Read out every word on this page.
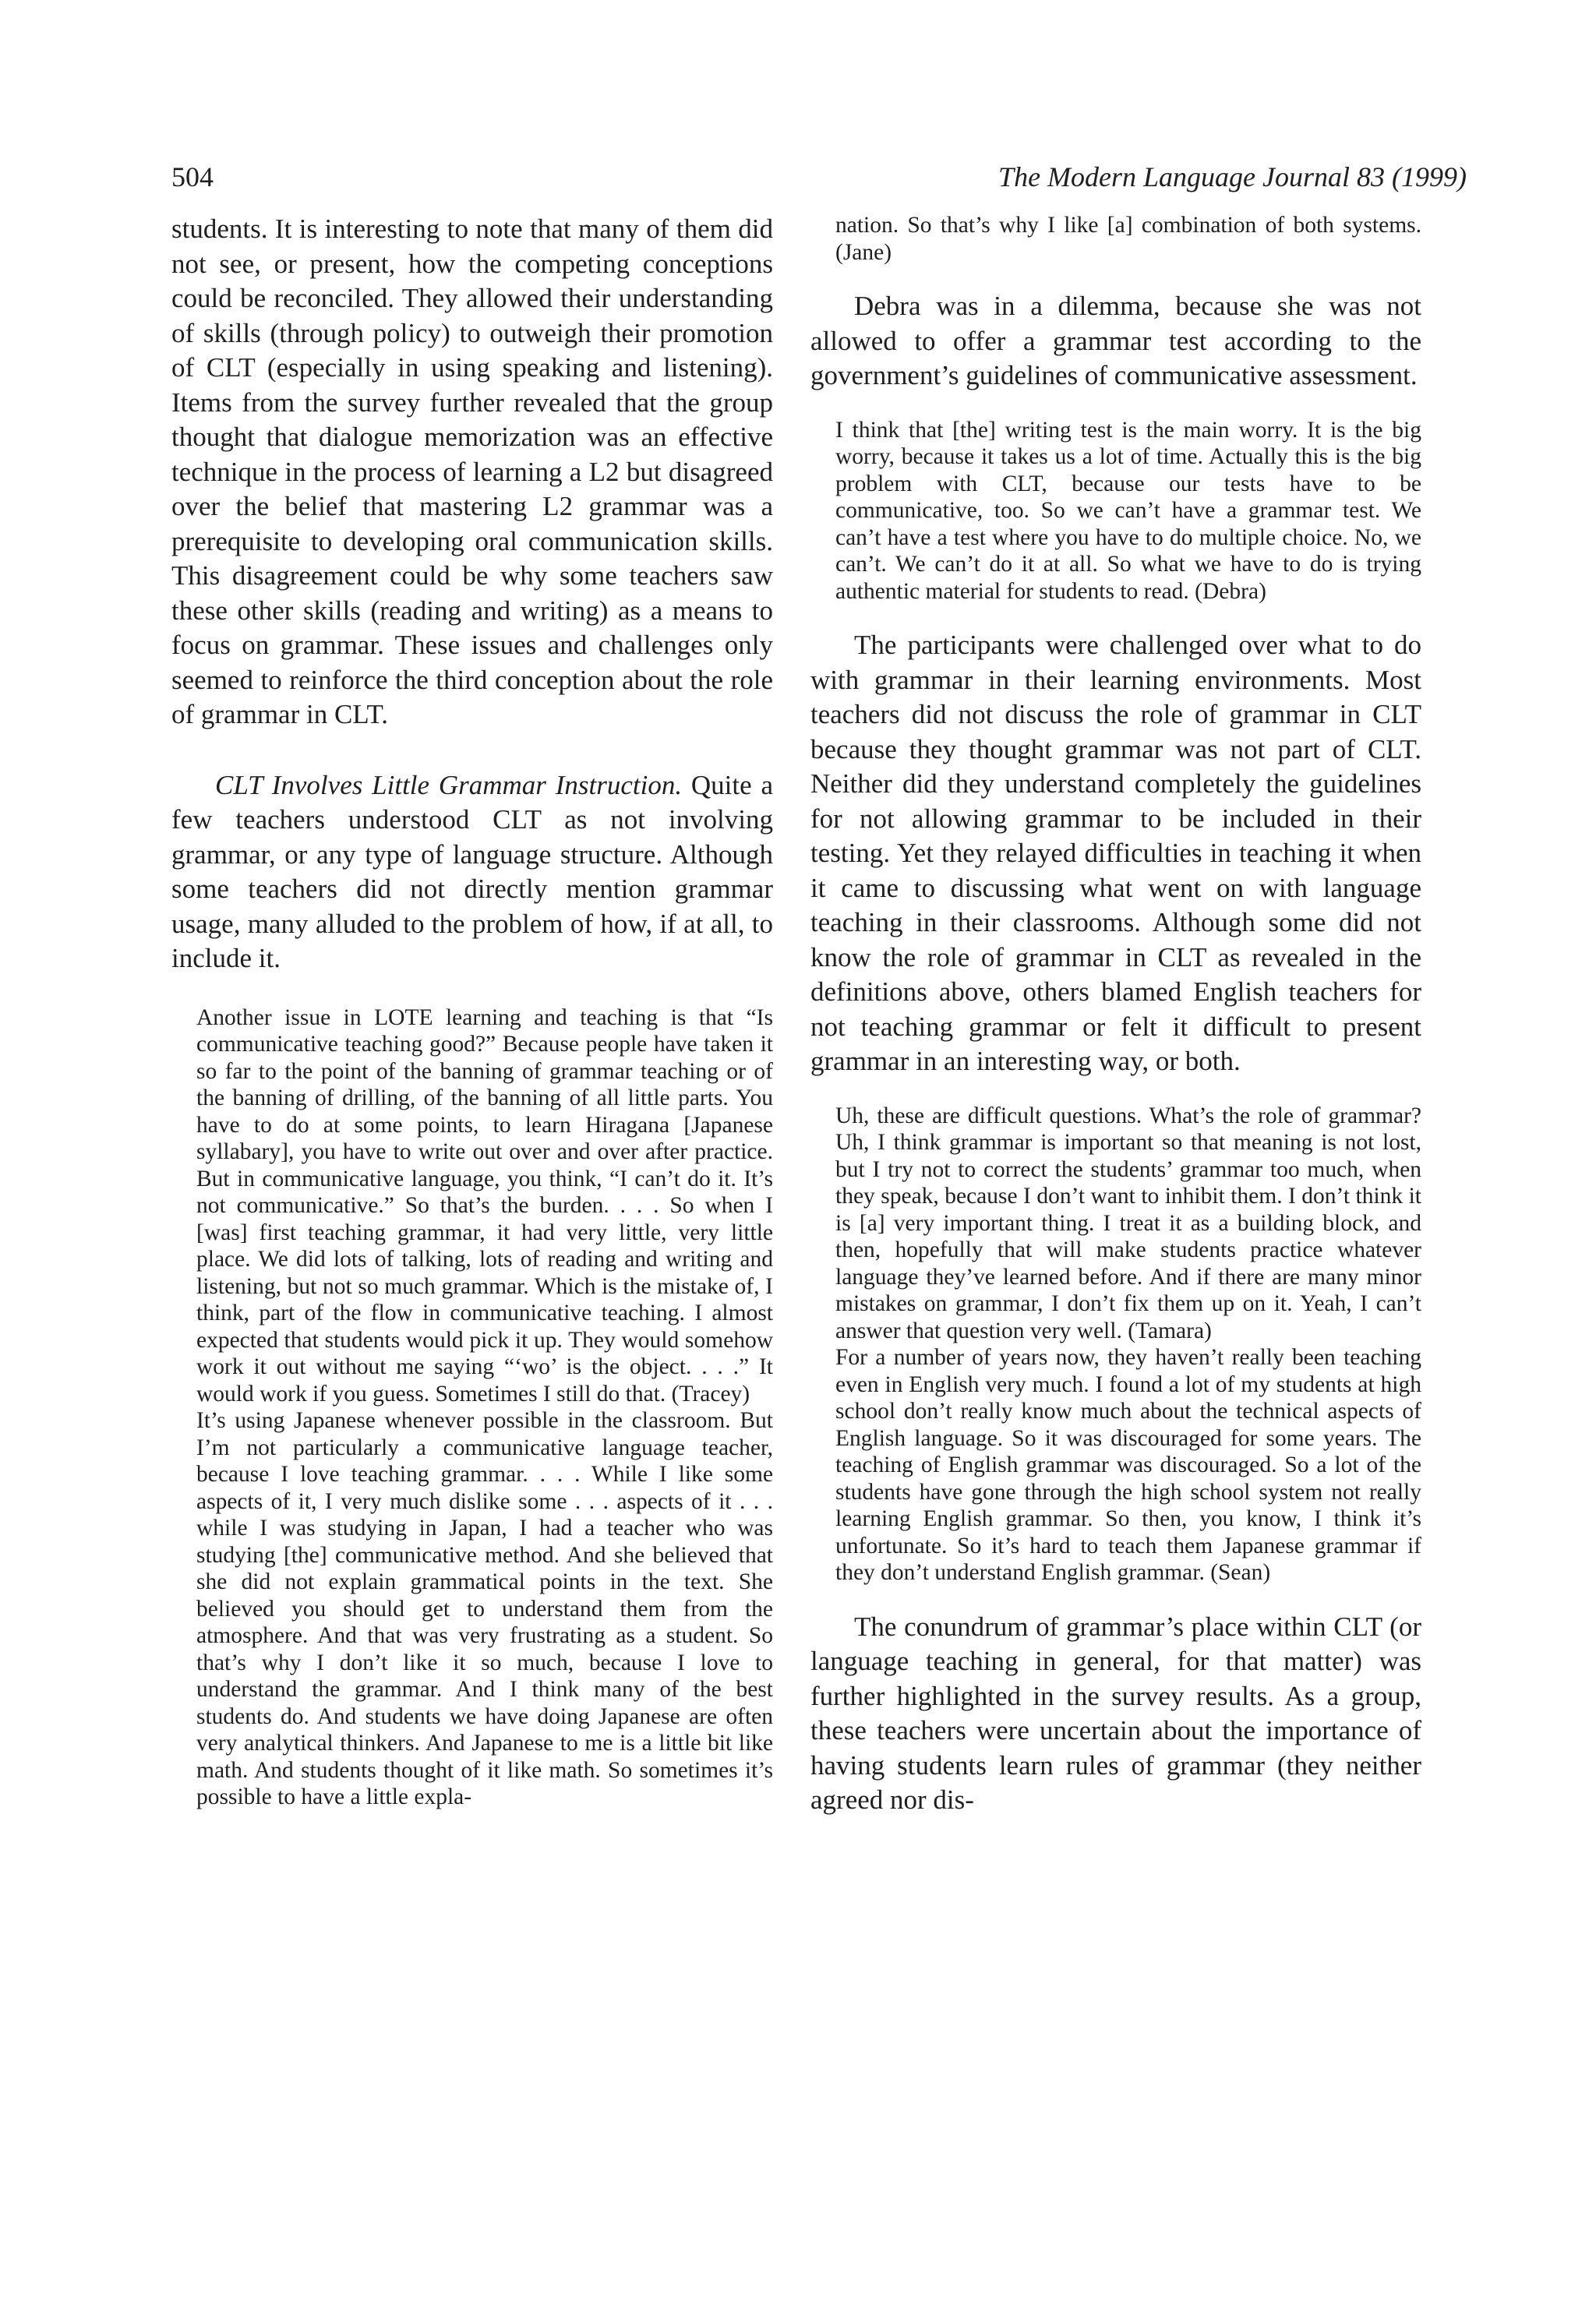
504	The Modern Language Journal 83 (1999)

students. It is interesting to note that many of them did not see, or present, how the competing conceptions could be reconciled. They allowed their understanding of skills (through policy) to outweigh their promotion of CLT (especially in using speaking and listening). Items from the survey further revealed that the group thought that dialogue memorization was an effective technique in the process of learning a L2 but disagreed over the belief that mastering L2 grammar was a prerequisite to developing oral communication skills. This disagreement could be why some teachers saw these other skills (reading and writing) as a means to focus on grammar. These issues and challenges only seemed to reinforce the third conception about the role of grammar in CLT.

CLT Involves Little Grammar Instruction. Quite a few teachers understood CLT as not involving grammar, or any type of language structure. Although some teachers did not directly mention grammar usage, many alluded to the problem of how, if at all, to include it.

Another issue in LOTE learning and teaching is that “Is communicative teaching good?” Because people have taken it so far to the point of the banning of grammar teaching or of the banning of drilling, of the banning of all little parts. You have to do at some points, to learn Hiragana [Japanese syllabary], you have to write out over and over after practice. But in communicative language, you think, “I can’t do it. It’s not communicative.” So that’s the burden. . . . So when I [was] first teaching grammar, it had very little, very little place. We did lots of talking, lots of reading and writing and listening, but not so much grammar. Which is the mistake of, I think, part of the flow in communicative teaching. I almost expected that students would pick it up. They would somehow work it out without me saying “‘wo’ is the object. . . .” It would work if you guess. Sometimes I still do that. (Tracey)

It’s using Japanese whenever possible in the classroom. But I’m not particularly a communicative language teacher, because I love teaching grammar. . . . While I like some aspects of it, I very much dislike some . . . aspects of it . . . while I was studying in Japan, I had a teacher who was studying [the] communicative method. And she believed that she did not explain grammatical points in the text. She believed you should get to understand them from the atmosphere. And that was very frustrating as a student. So that’s why I don’t like it so much, because I love to understand the grammar. And I think many of the best students do. And students we have doing Japanese are often very analytical thinkers. And Japanese to me is a little bit like math. And students thought of it like math. So sometimes it’s possible to have a little expla-

nation. So that’s why I like [a] combination of both systems. (Jane)

Debra was in a dilemma, because she was not allowed to offer a grammar test according to the government’s guidelines of communicative assessment.

I think that [the] writing test is the main worry. It is the big worry, because it takes us a lot of time. Actually this is the big problem with CLT, because our tests have to be communicative, too. So we can’t have a grammar test. We can’t have a test where you have to do multiple choice. No, we can’t. We can’t do it at all. So what we have to do is trying authentic material for students to read. (Debra)

The participants were challenged over what to do with grammar in their learning environments. Most teachers did not discuss the role of grammar in CLT because they thought grammar was not part of CLT. Neither did they understand completely the guidelines for not allowing grammar to be included in their testing. Yet they relayed difficulties in teaching it when it came to discussing what went on with language teaching in their classrooms. Although some did not know the role of grammar in CLT as revealed in the definitions above, others blamed English teachers for not teaching grammar or felt it difficult to present grammar in an interesting way, or both.

Uh, these are difficult questions. What’s the role of grammar? Uh, I think grammar is important so that meaning is not lost, but I try not to correct the students’ grammar too much, when they speak, because I don’t want to inhibit them. I don’t think it is [a] very important thing. I treat it as a building block, and then, hopefully that will make students practice whatever language they’ve learned before. And if there are many minor mistakes on grammar, I don’t fix them up on it. Yeah, I can’t answer that question very well. (Tamara)

For a number of years now, they haven’t really been teaching even in English very much. I found a lot of my students at high school don’t really know much about the technical aspects of English language. So it was discouraged for some years. The teaching of English grammar was discouraged. So a lot of the students have gone through the high school system not really learning English grammar. So then, you know, I think it’s unfortunate. So it’s hard to teach them Japanese grammar if they don’t understand English grammar. (Sean)

The conundrum of grammar’s place within CLT (or language teaching in general, for that matter) was further highlighted in the survey results. As a group, these teachers were uncertain about the importance of having students learn rules of grammar (they neither agreed nor dis-
